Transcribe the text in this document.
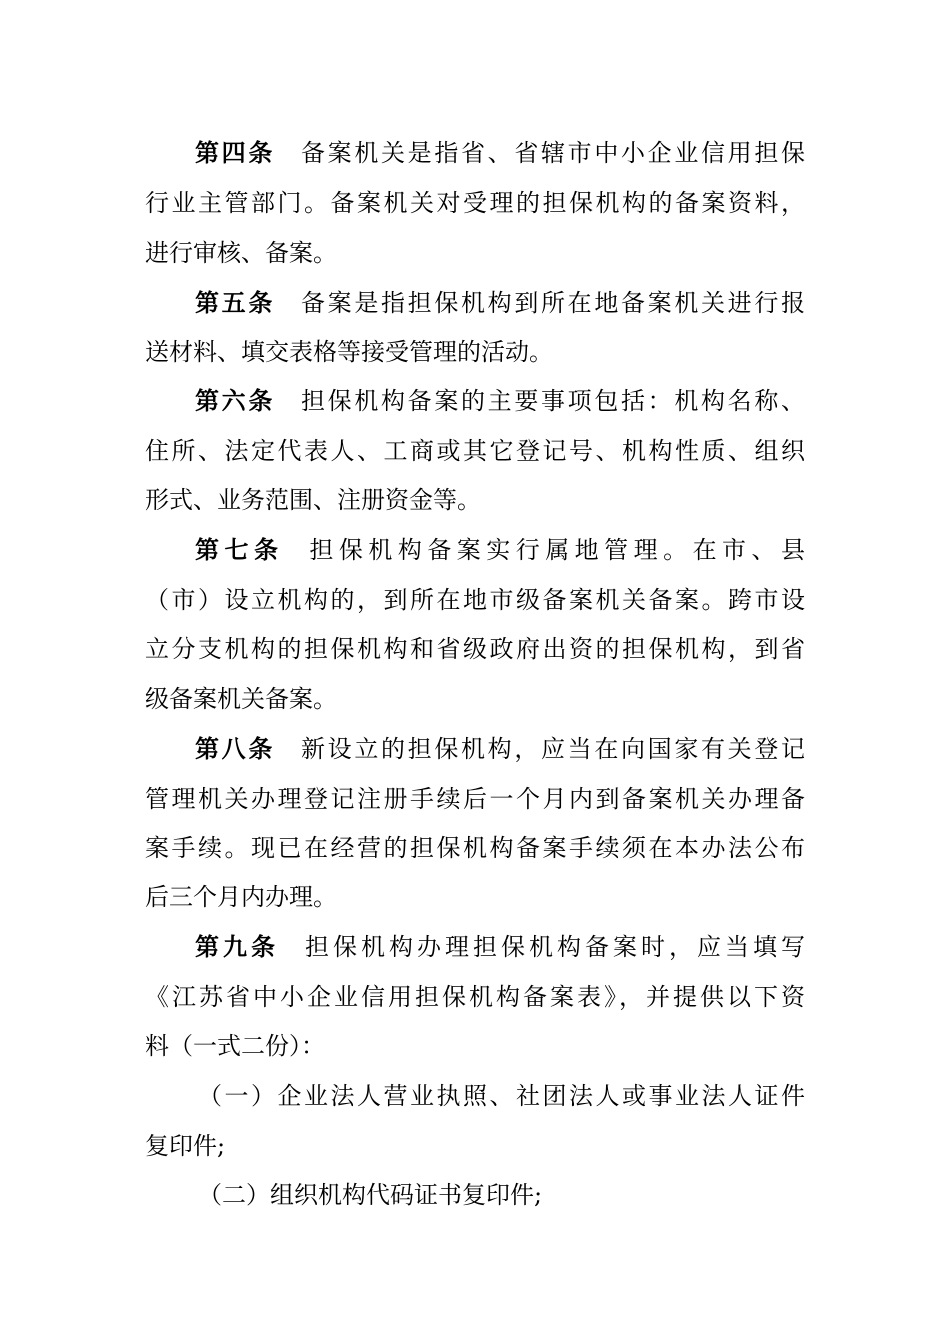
第四条 备案机关是指省、省辖市中小企业信用担保
行业主管部门。备案机关对受理的担保机构的备案资料，
进行审核、备案。
第五条 备案是指担保机构到所在地备案机关进行报
送材料、填交表格等接受管理的活动。
第六条 担保机构备案的主要事项包括：机构名称、
住所、法定代表人、工商或其它登记号、机构性质、组织
形式、业务范围、注册资金等。
第七条 担保机构备案实行属地管理。在市、县
（市）设立机构的，到所在地市级备案机关备案。跨市设
立分支机构的担保机构和省级政府出资的担保机构，到省
级备案机关备案。
第八条 新设立的担保机构，应当在向国家有关登记
管理机关办理登记注册手续后一个月内到备案机关办理备
案手续。现已在经营的担保机构备案手续须在本办法公布
后三个月内办理。
第九条 担保机构办理担保机构备案时，应当填写
《江苏省中小企业信用担保机构备案表》，并提供以下资
料（一式二份）：
（一）企业法人营业执照、社团法人或事业法人证件
复印件;
（二）组织机构代码证书复印件;
